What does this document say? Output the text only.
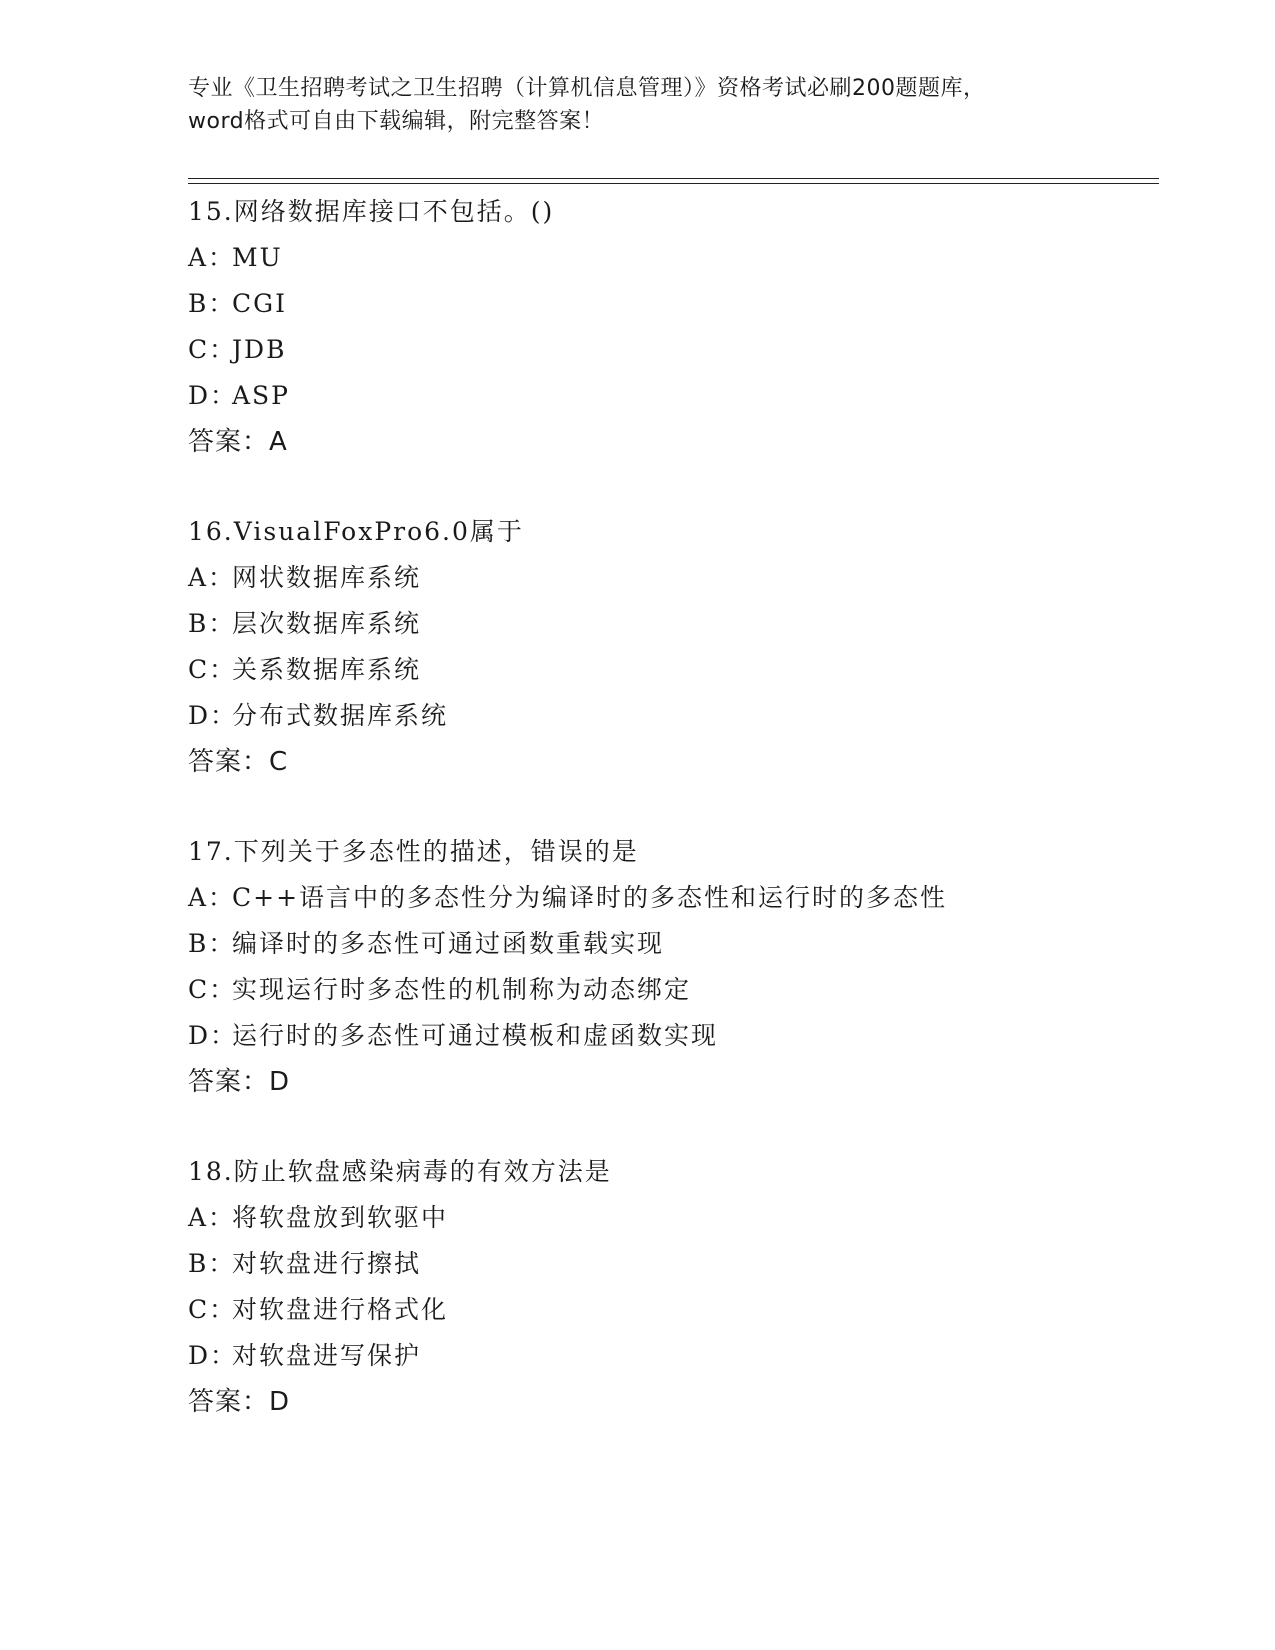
专业《卫生招聘考试之卫生招聘（计算机信息管理）》资格考试必刷200题题库，
word格式可自由下载编辑，附完整答案！
15.网络数据库接口不包括。()
A：MU
B：CGI
C：JDB
D：ASP
答案：A
16.VisualFoxPro6.0属于
A：网状数据库系统
B：层次数据库系统
C：关系数据库系统
D：分布式数据库系统
答案：C
17.下列关于多态性的描述，错误的是
A：C++语言中的多态性分为编译时的多态性和运行时的多态性
B：编译时的多态性可通过函数重载实现
C：实现运行时多态性的机制称为动态绑定
D：运行时的多态性可通过模板和虚函数实现
答案：D
18.防止软盘感染病毒的有效方法是
A：将软盘放到软驱中
B：对软盘进行擦拭
C：对软盘进行格式化
D：对软盘进写保护
答案：D
